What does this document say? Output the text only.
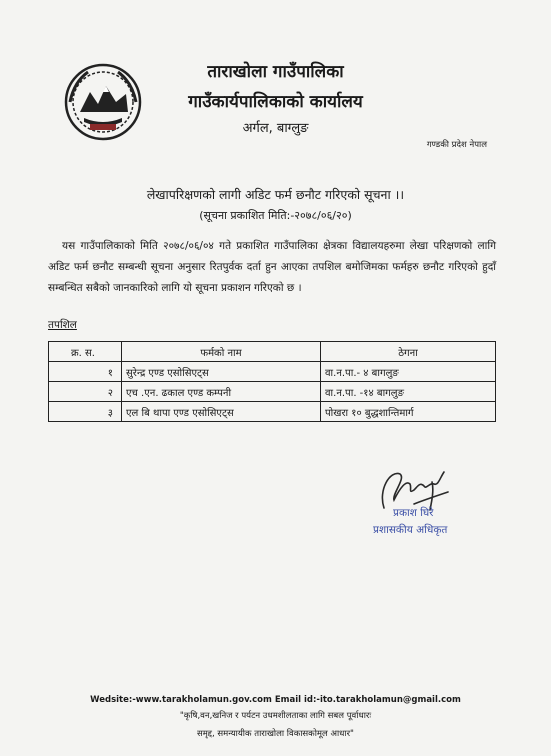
ताराखोला गाउँपालिका
गाउँकार्यपालिकाको कार्यालय
अर्गल, बाग्लुङ
गण्डकी प्रदेश नेपाल
लेखापरिक्षणको लागी अडिट फर्म छनौट गरिएको सूचना ।।
(सूचना प्रकाशित मिति:-२०७८/०६/२०)
यस गाउँपालिकाको मिति २०७८/०६/०४ गते प्रकाशित गाउँपालिका क्षेत्रका विद्यालयहरुमा लेखा परिक्षणको लागि अडिट फर्म छनौट सम्बन्धी सूचना अनुसार रितपुर्वक दर्ता हुन आएका तपशिल बमोजिमका फर्महरु छनौट गरिएको हुदाँ सम्बन्धित सबैको जानकारिको लागि यो सूचना प्रकाशन गरिएको छ ।
तपशिल
क्र. स.	फर्मको नाम	ठेगना
१	सुरेन्द्र एण्ड एसोसिएट्स	वा.न.पा.- ४ बागलुङ
२	एच .एन. ढकाल एण्ड कम्पनी	वा.न.पा. -१४ बागलुङ
३	एल बि थापा एण्ड एसोसिएट्स	पोखरा १० बुद्धशान्तिमार्ग
प्रकाश घिरे
प्रशासकीय अधिकृत
Wedsite:-www.tarakholamun.gov.com Email id:-ito.tarakholamun@gmail.com
"कृषि,वन,खनिज र पर्यटन उधमशीलताका लागि सबल पूर्वाधारः
समृद्द, समन्यायीक ताराखोला विकासकोमूल आधार"
